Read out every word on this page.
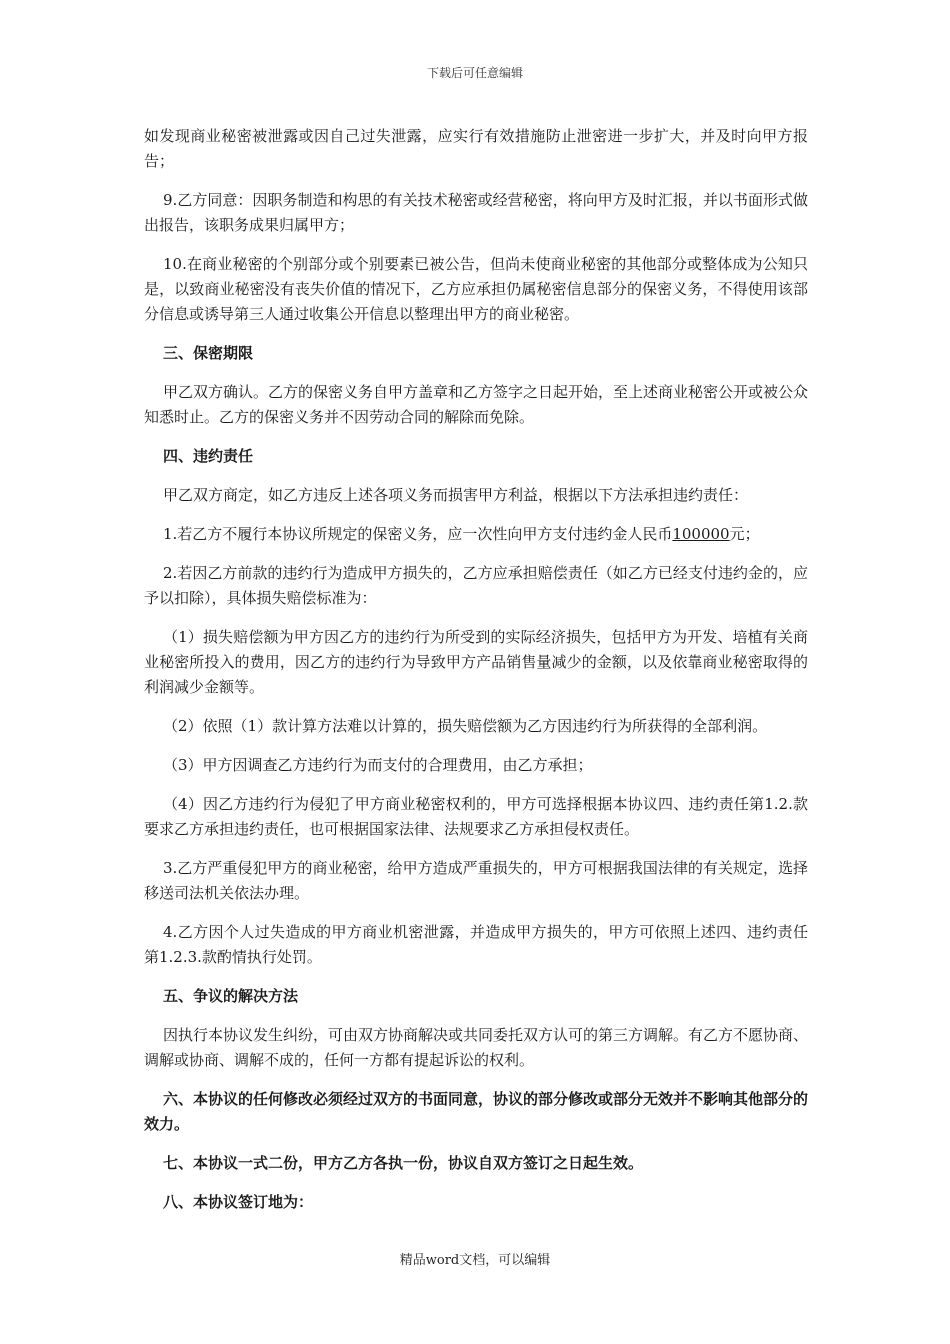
下载后可任意编辑

如发现商业秘密被泄露或因自己过失泄露，应实行有效措施防止泄密进一步扩大，并及时向甲方报告；

9.乙方同意：因职务制造和构思的有关技术秘密或经营秘密，将向甲方及时汇报，并以书面形式做出报告，该职务成果归属甲方；

10.在商业秘密的个别部分或个别要素已被公告，但尚未使商业秘密的其他部分或整体成为公知只是，以致商业秘密没有丧失价值的情况下，乙方应承担仍属秘密信息部分的保密义务，不得使用该部分信息或诱导第三人通过收集公开信息以整理出甲方的商业秘密。

三、保密期限

甲乙双方确认。乙方的保密义务自甲方盖章和乙方签字之日起开始，至上述商业秘密公开或被公众知悉时止。乙方的保密义务并不因劳动合同的解除而免除。

四、违约责任

甲乙双方商定，如乙方违反上述各项义务而损害甲方利益，根据以下方法承担违约责任：

1.若乙方不履行本协议所规定的保密义务，应一次性向甲方支付违约金人民币100000元；

2.若因乙方前款的违约行为造成甲方损失的，乙方应承担赔偿责任（如乙方已经支付违约金的，应予以扣除），具体损失赔偿标准为：

（1）损失赔偿额为甲方因乙方的违约行为所受到的实际经济损失，包括甲方为开发、培植有关商业秘密所投入的费用，因乙方的违约行为导致甲方产品销售量减少的金额，以及依靠商业秘密取得的利润减少金额等。

（2）依照（1）款计算方法难以计算的，损失赔偿额为乙方因违约行为所获得的全部利润。

（3）甲方因调查乙方违约行为而支付的合理费用，由乙方承担；

（4）因乙方违约行为侵犯了甲方商业秘密权利的，甲方可选择根据本协议四、违约责任第1.2.款要求乙方承担违约责任，也可根据国家法律、法规要求乙方承担侵权责任。

3.乙方严重侵犯甲方的商业秘密，给甲方造成严重损失的，甲方可根据我国法律的有关规定，选择移送司法机关依法办理。

4.乙方因个人过失造成的甲方商业机密泄露，并造成甲方损失的，甲方可依照上述四、违约责任 第1.2.3.款酌情执行处罚。

五、争议的解决方法

因执行本协议发生纠纷，可由双方协商解决或共同委托双方认可的第三方调解。有乙方不愿协商、调解或协商、调解不成的，任何一方都有提起诉讼的权利。

六、本协议的任何修改必须经过双方的书面同意，协议的部分修改或部分无效并不影响其他部分的效力。

七、本协议一式二份，甲方乙方各执一份，协议自双方签订之日起生效。

八、本协议签订地为：

精品word文档，可以编辑
